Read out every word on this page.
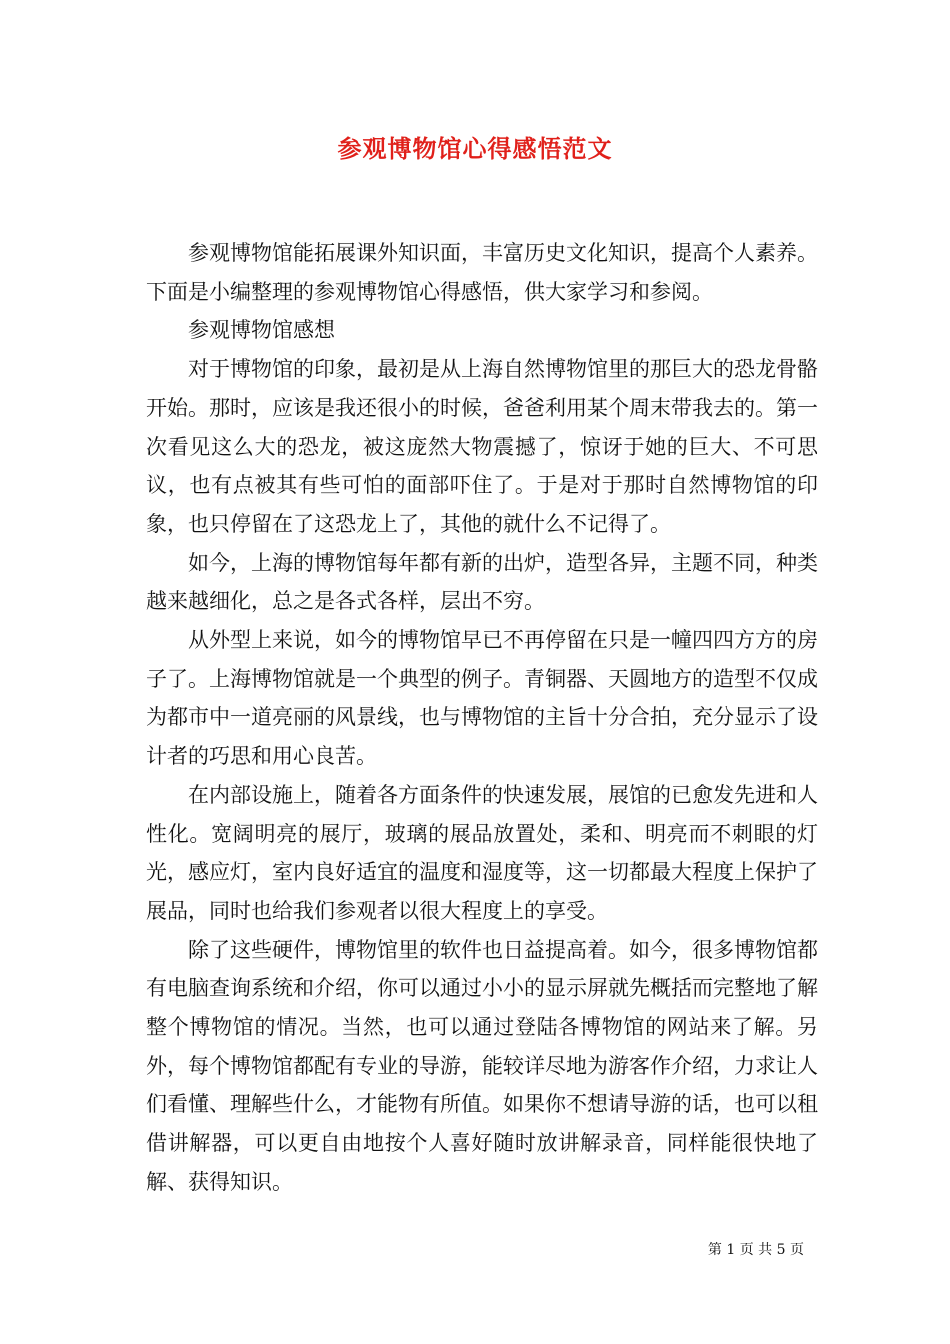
参观博物馆心得感悟范文

参观博物馆能拓展课外知识面，丰富历史文化知识，提高个人素养。下面是小编整理的参观博物馆心得感悟，供大家学习和参阅。

参观博物馆感想

对于博物馆的印象，最初是从上海自然博物馆里的那巨大的恐龙骨骼开始。那时，应该是我还很小的时候，爸爸利用某个周末带我去的。第一次看见这么大的恐龙，被这庞然大物震撼了，惊讶于她的巨大、不可思议，也有点被其有些可怕的面部吓住了。于是对于那时自然博物馆的印象，也只停留在了这恐龙上了，其他的就什么不记得了。

如今，上海的博物馆每年都有新的出炉，造型各异，主题不同，种类越来越细化，总之是各式各样，层出不穷。

从外型上来说，如今的博物馆早已不再停留在只是一幢四四方方的房子了。上海博物馆就是一个典型的例子。青铜器、天圆地方的造型不仅成为都市中一道亮丽的风景线，也与博物馆的主旨十分合拍，充分显示了设计者的巧思和用心良苦。

在内部设施上，随着各方面条件的快速发展，展馆的已愈发先进和人性化。宽阔明亮的展厅，玻璃的展品放置处，柔和、明亮而不刺眼的灯光，感应灯，室内良好适宜的温度和湿度等，这一切都最大程度上保护了展品，同时也给我们参观者以很大程度上的享受。

除了这些硬件，博物馆里的软件也日益提高着。如今，很多博物馆都有电脑查询系统和介绍，你可以通过小小的显示屏就先概括而完整地了解整个博物馆的情况。当然，也可以通过登陆各博物馆的网站来了解。另外，每个博物馆都配有专业的导游，能较详尽地为游客作介绍，力求让人们看懂、理解些什么，才能物有所值。如果你不想请导游的话，也可以租借讲解器，可以更自由地按个人喜好随时放讲解录音，同样能很快地了解、获得知识。

第 1 页 共 5 页
